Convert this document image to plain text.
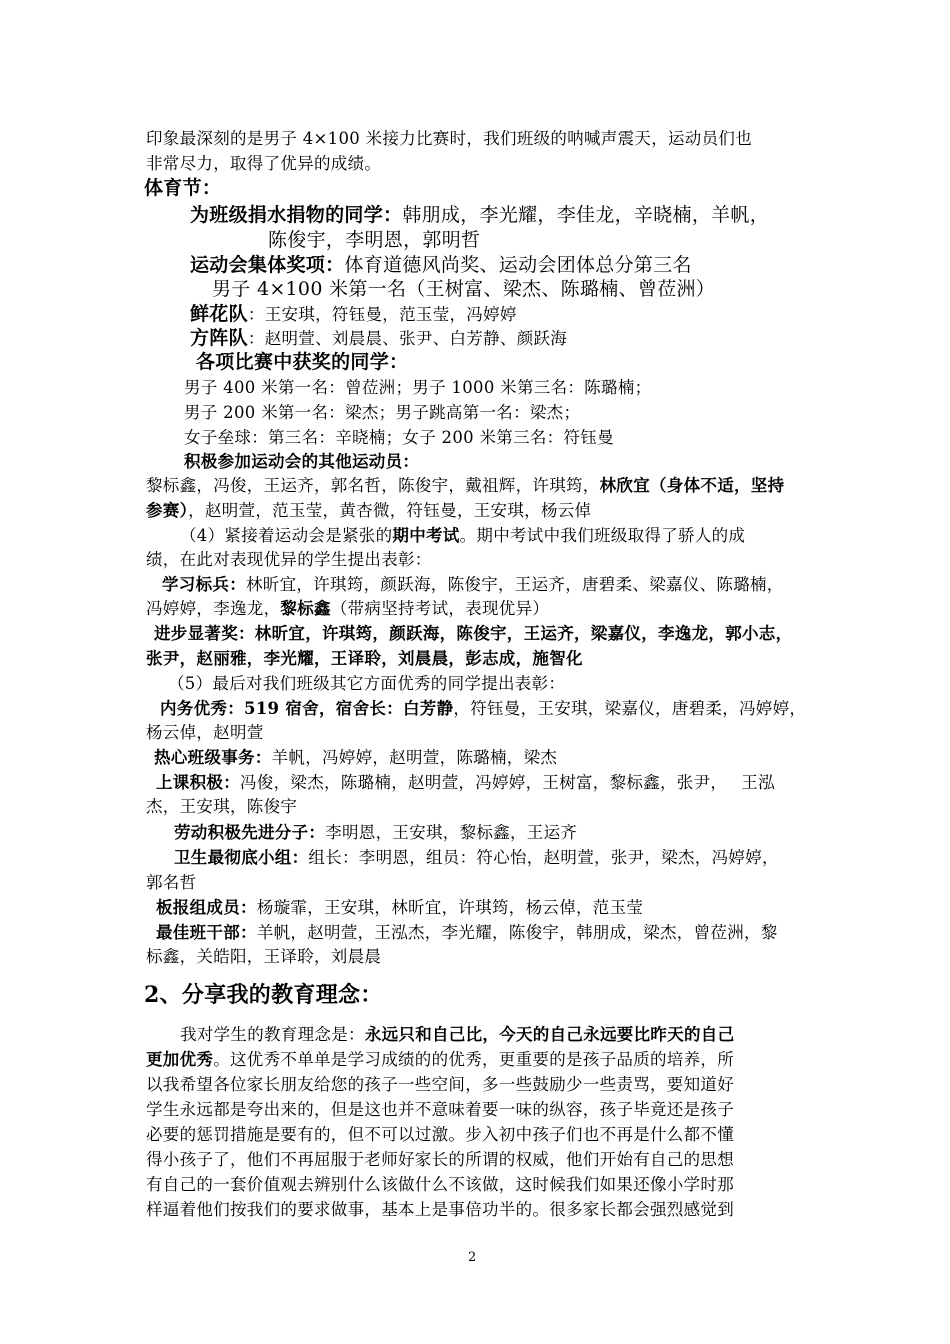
印象最深刻的是男子 4×100 米接力比赛时，我们班级的呐喊声震天，运动员们也
非常尽力，取得了优异的成绩。
体育节：
为班级捐水捐物的同学：韩朋成，李光耀，李佳龙，辛晓楠，羊帆，
陈俊宇，李明恩，郭明哲
运动会集体奖项：体育道德风尚奖、运动会团体总分第三名
男子 4×100 米第一名（王树富、梁杰、陈璐楠、曾莅洲）
鲜花队：王安琪，符钰曼，范玉莹，冯婷婷
方阵队：赵明萱、刘晨晨、张尹、白芳静、颜跃海
各项比赛中获奖的同学：
男子 400 米第一名：曾莅洲；男子 1000 米第三名：陈璐楠；
男子 200 米第一名：梁杰；男子跳高第一名：梁杰；
女子垒球：第三名：辛晓楠；女子 200 米第三名：符钰曼
积极参加运动会的其他运动员：
黎标鑫，冯俊，王运齐，郭名哲，陈俊宇，戴祖辉，许琪筠，林欣宜（身体不适，坚持
参赛），赵明萱，范玉莹，黄杏微，符钰曼，王安琪，杨云倬
（4）紧接着运动会是紧张的期中考试。期中考试中我们班级取得了骄人的成
绩，在此对表现优异的学生提出表彰：
学习标兵：林昕宜，许琪筠，颜跃海，陈俊宇，王运齐，唐碧柔、梁嘉仪、陈璐楠，
冯婷婷，李逸龙，黎标鑫（带病坚持考试，表现优异）
进步显著奖：林昕宜，许琪筠，颜跃海，陈俊宇，王运齐，梁嘉仪，李逸龙，郭小志，
张尹，赵丽雅，李光耀，王译聆，刘晨晨，彭志成，施智化
（5）最后对我们班级其它方面优秀的同学提出表彰：
内务优秀：519 宿舍，宿舍长：白芳静，符钰曼，王安琪，梁嘉仪，唐碧柔，冯婷婷，
杨云倬，赵明萱
热心班级事务：羊帆，冯婷婷，赵明萱，陈璐楠，梁杰
上课积极：冯俊，梁杰，陈璐楠，赵明萱，冯婷婷，王树富，黎标鑫，张尹，　 王泓
杰，王安琪，陈俊宇
劳动积极先进分子：李明恩，王安琪，黎标鑫，王运齐
卫生最彻底小组：组长：李明恩，组员：符心怡，赵明萱，张尹，梁杰，冯婷婷，
郭名哲
板报组成员：杨璇霏，王安琪，林昕宜，许琪筠，杨云倬，范玉莹
最佳班干部：羊帆，赵明萱，王泓杰，李光耀，陈俊宇，韩朋成，梁杰，曾莅洲，黎
标鑫，关皓阳，王译聆，刘晨晨
2、分享我的教育理念：
我对学生的教育理念是：永远只和自己比，今天的自己永远要比昨天的自己
更加优秀。这优秀不单单是学习成绩的的优秀，更重要的是孩子品质的培养，所
以我希望各位家长朋友给您的孩子一些空间，多一些鼓励少一些责骂，要知道好
学生永远都是夸出来的，但是这也并不意味着要一味的纵容，孩子毕竟还是孩子
必要的惩罚措施是要有的，但不可以过激。步入初中孩子们也不再是什么都不懂
得小孩子了，他们不再屈服于老师好家长的所谓的权威，他们开始有自己的思想
有自己的一套价值观去辨别什么该做什么不该做，这时候我们如果还像小学时那
样逼着他们按我们的要求做事，基本上是事倍功半的。很多家长都会强烈感觉到
2
